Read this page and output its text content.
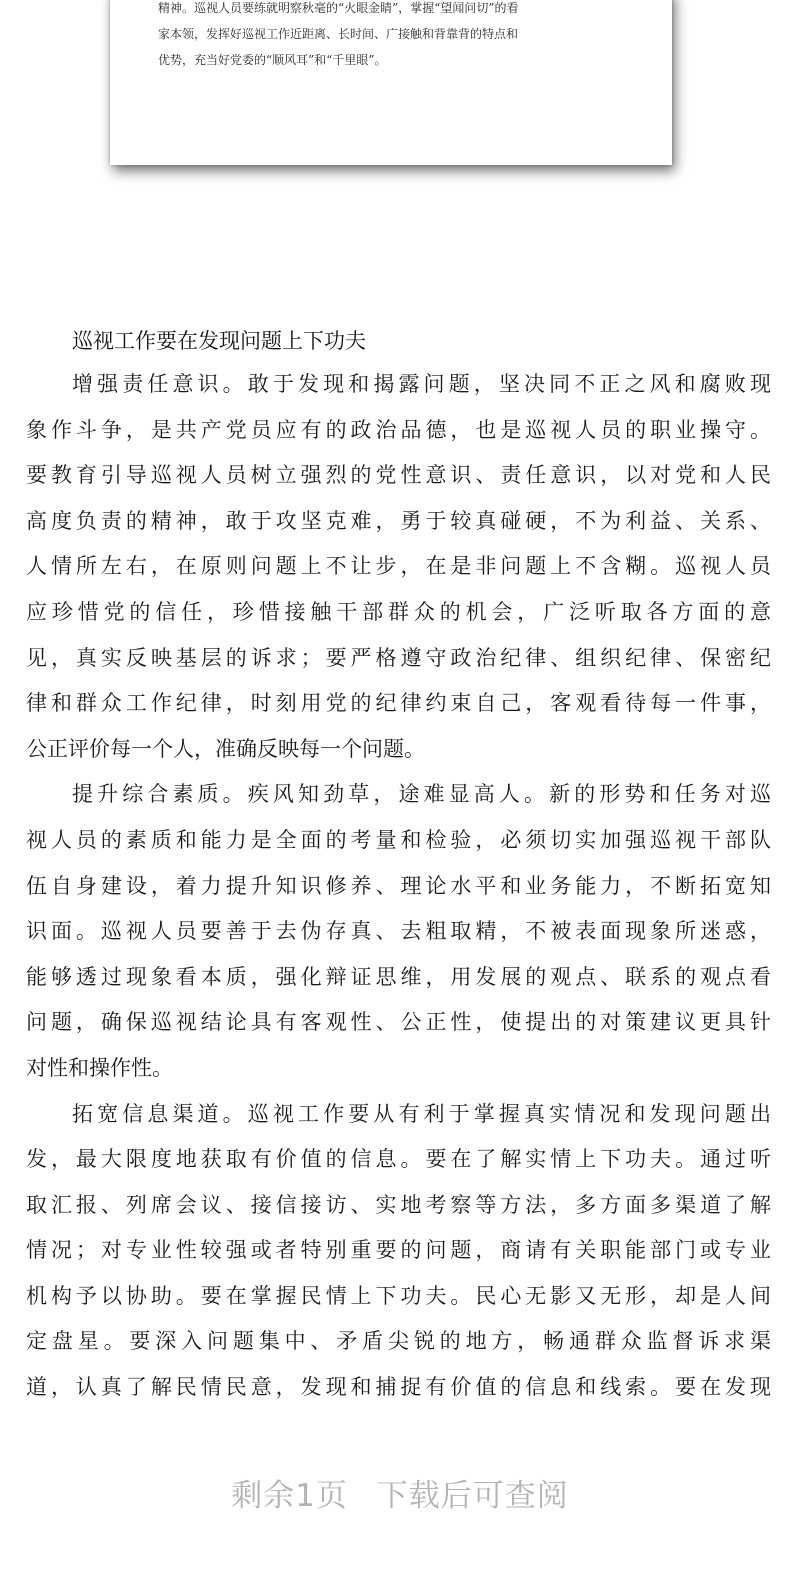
精神。巡视人员要练就明察秋毫的“火眼金睛”，掌握“望闻问切”的看
家本领，发挥好巡视工作近距离、长时间、广接触和背靠背的特点和
优势，充当好党委的“顺风耳”和“千里眼”。

巡视工作要在发现问题上下功夫
增强责任意识。敢于发现和揭露问题，坚决同不正之风和腐败现
象作斗争，是共产党员应有的政治品德，也是巡视人员的职业操守。
要教育引导巡视人员树立强烈的党性意识、责任意识，以对党和人民
高度负责的精神，敢于攻坚克难，勇于较真碰硬，不为利益、关系、
人情所左右，在原则问题上不让步，在是非问题上不含糊。巡视人员
应珍惜党的信任，珍惜接触干部群众的机会，广泛听取各方面的意
见，真实反映基层的诉求；要严格遵守政治纪律、组织纪律、保密纪
律和群众工作纪律，时刻用党的纪律约束自己，客观看待每一件事，
公正评价每一个人，准确反映每一个问题。
提升综合素质。疾风知劲草，途难显高人。新的形势和任务对巡
视人员的素质和能力是全面的考量和检验，必须切实加强巡视干部队
伍自身建设，着力提升知识修养、理论水平和业务能力，不断拓宽知
识面。巡视人员要善于去伪存真、去粗取精，不被表面现象所迷惑，
能够透过现象看本质，强化辩证思维，用发展的观点、联系的观点看
问题，确保巡视结论具有客观性、公正性，使提出的对策建议更具针
对性和操作性。
拓宽信息渠道。巡视工作要从有利于掌握真实情况和发现问题出
发，最大限度地获取有价值的信息。要在了解实情上下功夫。通过听
取汇报、列席会议、接信接访、实地考察等方法，多方面多渠道了解
情况；对专业性较强或者特别重要的问题，商请有关职能部门或专业
机构予以协助。要在掌握民情上下功夫。民心无影又无形，却是人间
定盘星。要深入问题集中、矛盾尖锐的地方，畅通群众监督诉求渠
道，认真了解民情民意，发现和捕捉有价值的信息和线索。要在发现

剩余1页 下载后可查阅
